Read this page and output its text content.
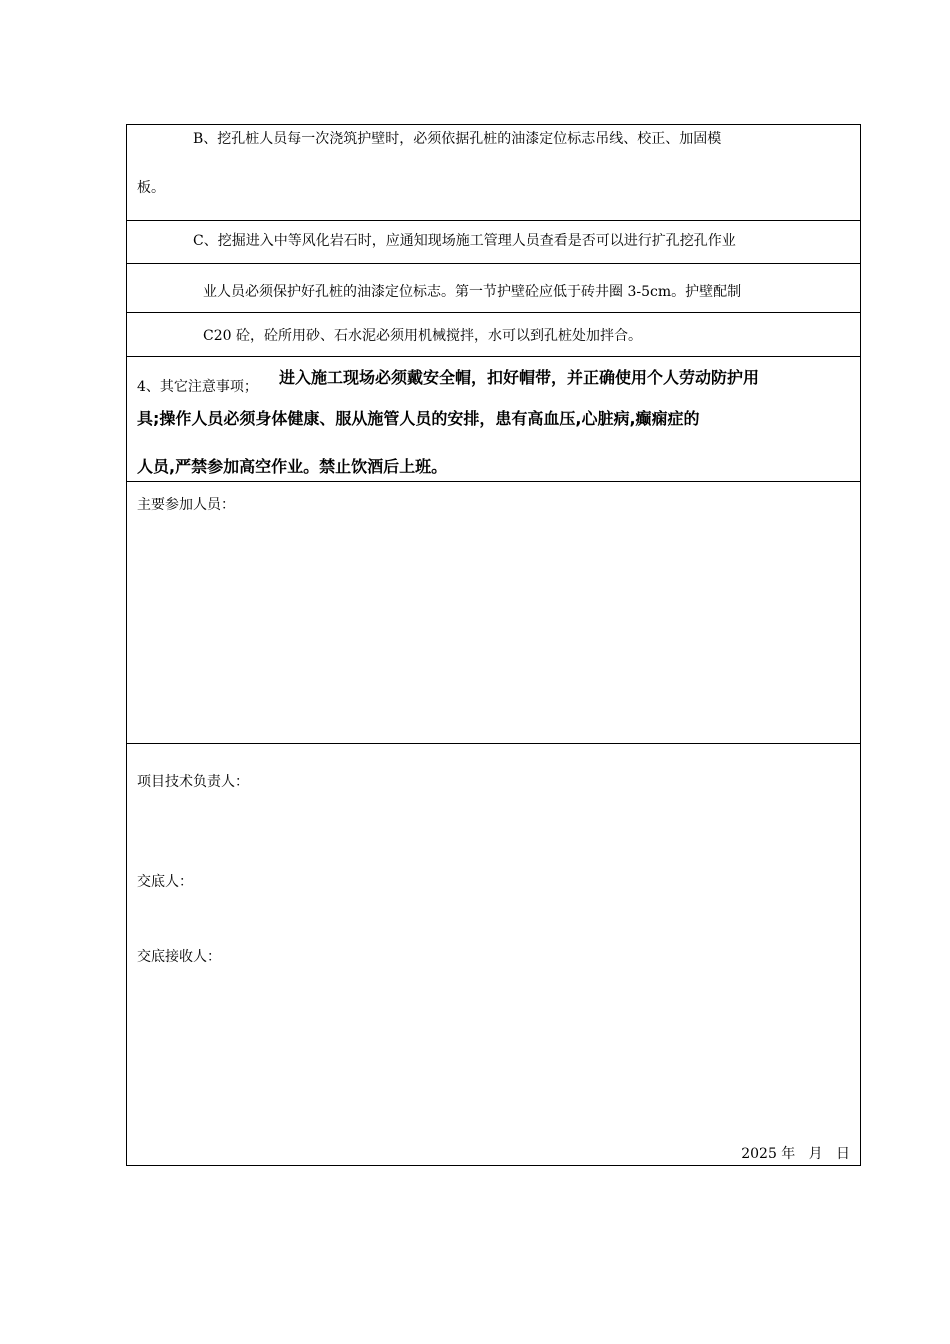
B、挖孔桩人员每一次浇筑护壁时，必须依据孔桩的油漆定位标志吊线、校正、加固模
板。
C、挖掘进入中等风化岩石时，应通知现场施工管理人员查看是否可以进行扩孔挖孔作业
业人员必须保护好孔桩的油漆定位标志。第一节护壁砼应低于砖井圈 3-5cm。护壁配制
C20 砼，砼所用砂、石水泥必须用机械搅拌，水可以到孔桩处加拌合。
4、其它注意事项； 进入施工现场必须戴安全帽，扣好帽带，并正确使用个人劳动防护用
具;操作人员必须身体健康、服从施管人员的安排，患有高血压,心脏病,癫痫症的
人员,严禁参加高空作业。禁止饮酒后上班。
主要参加人员：
项目技术负责人：
交底人：
交底接收人：
2025 年   月   日
